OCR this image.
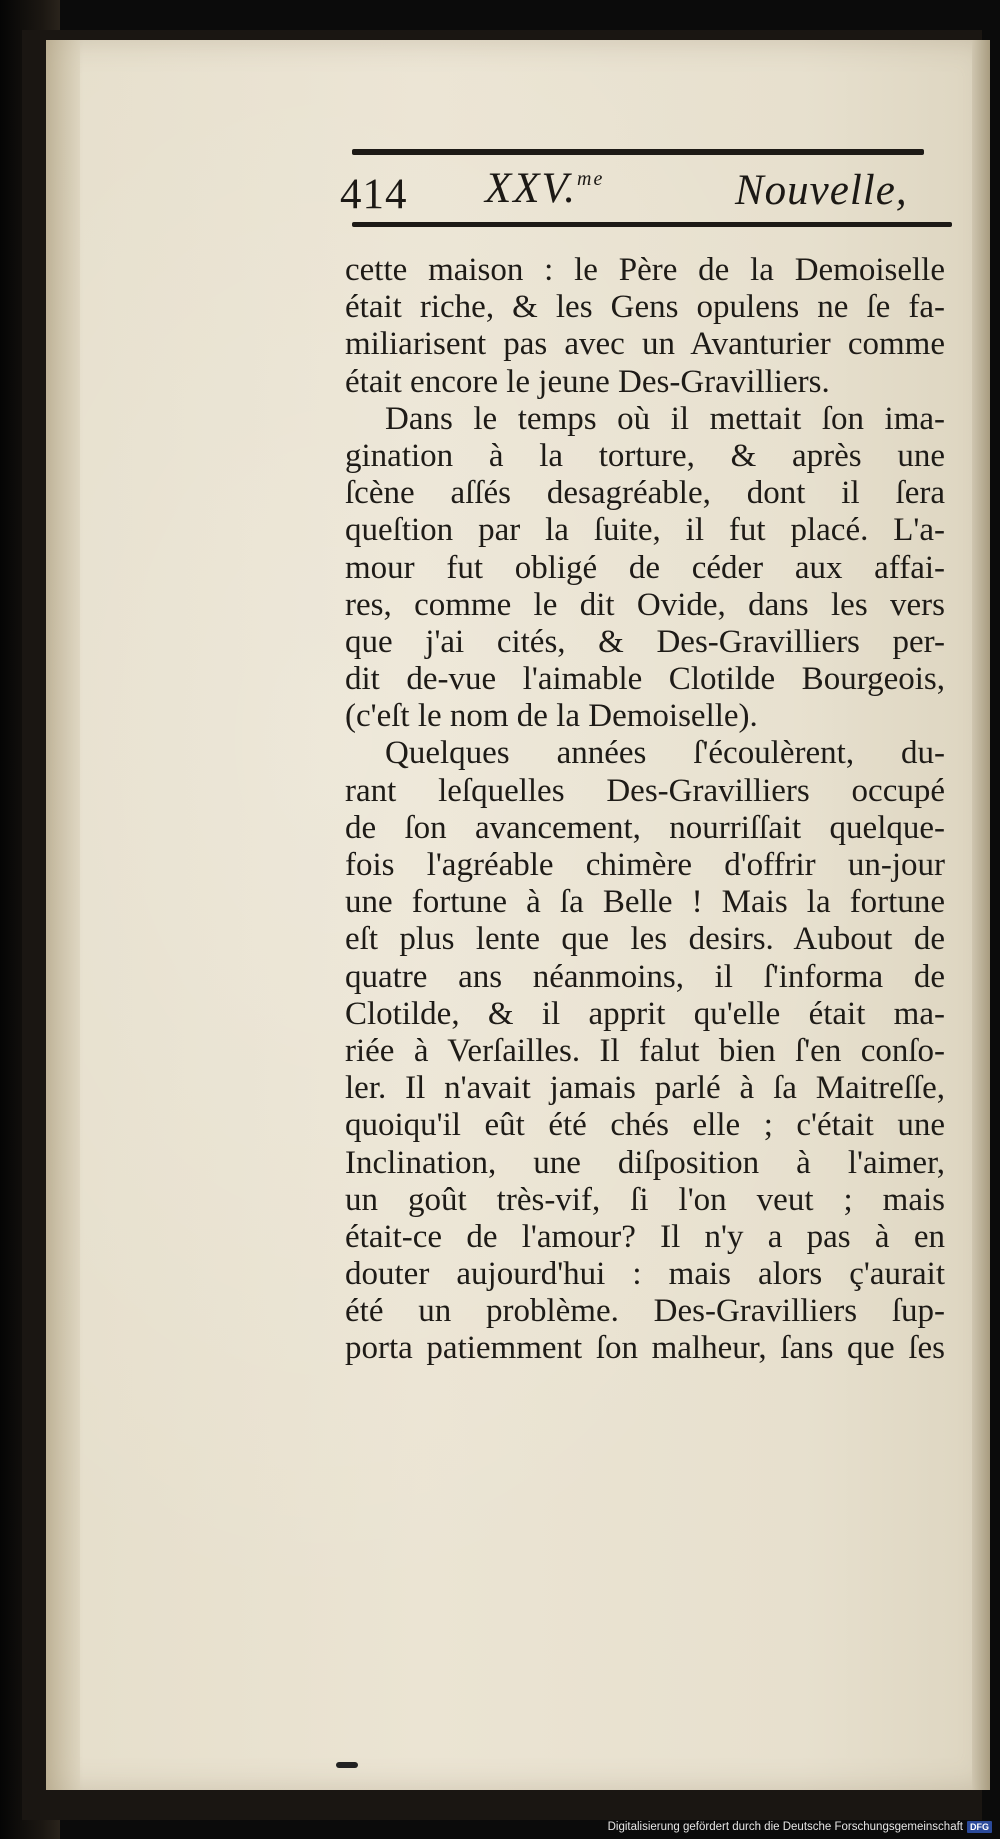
414 XXV.$^{me}$	Nouvelle,
cette maison : le Père de la Demoiselle
était riche, & les Gens opulens ne ſe fa-
miliarisent pas avec un Avanturier comme
était encore le jeune Des-Gravilliers.
Dans le temps où il mettait ſon ima-
gination à la torture, & après une
ſcène aſſés desagréable, dont il ſera
queſtion par la ſuite, il fut placé. L'a-
mour fut obligé de céder aux affai-
res, comme le dit Ovide, dans les vers
que j'ai cités, & Des-Gravilliers per-
dit de-vue l'aimable Clotilde Bourgeois,
(c'eſt le nom de la Demoiselle).
Quelques années ſ'écoulèrent, du-
rant leſquelles Des-Gravilliers occupé
de ſon avancement, nourriſſait quelque-
fois l'agréable chimère d'offrir un-jour
une fortune à ſa Belle ! Mais la fortune
eſt plus lente que les desirs. Aubout de
quatre ans néanmoins, il ſ'informa de
Clotilde, & il apprit qu'elle était ma-
riée à Verſailles. Il falut bien ſ'en conſo-
ler. Il n'avait jamais parlé à ſa Maitreſſe,
quoiqu'il eût été chés elle ; c'était une
Inclination, une diſposition à l'aimer,
un goût très-vif, ſi l'on veut ; mais
était-ce de l'amour? Il n'y a pas à en
douter aujourd'hui : mais alors ç'aurait
été un problème. Des-Gravilliers ſup-
porta patiemment ſon malheur, ſans que ſes
Digitalisierung gefördert durch die Deutsche Forschungsgemeinschaft DFG
